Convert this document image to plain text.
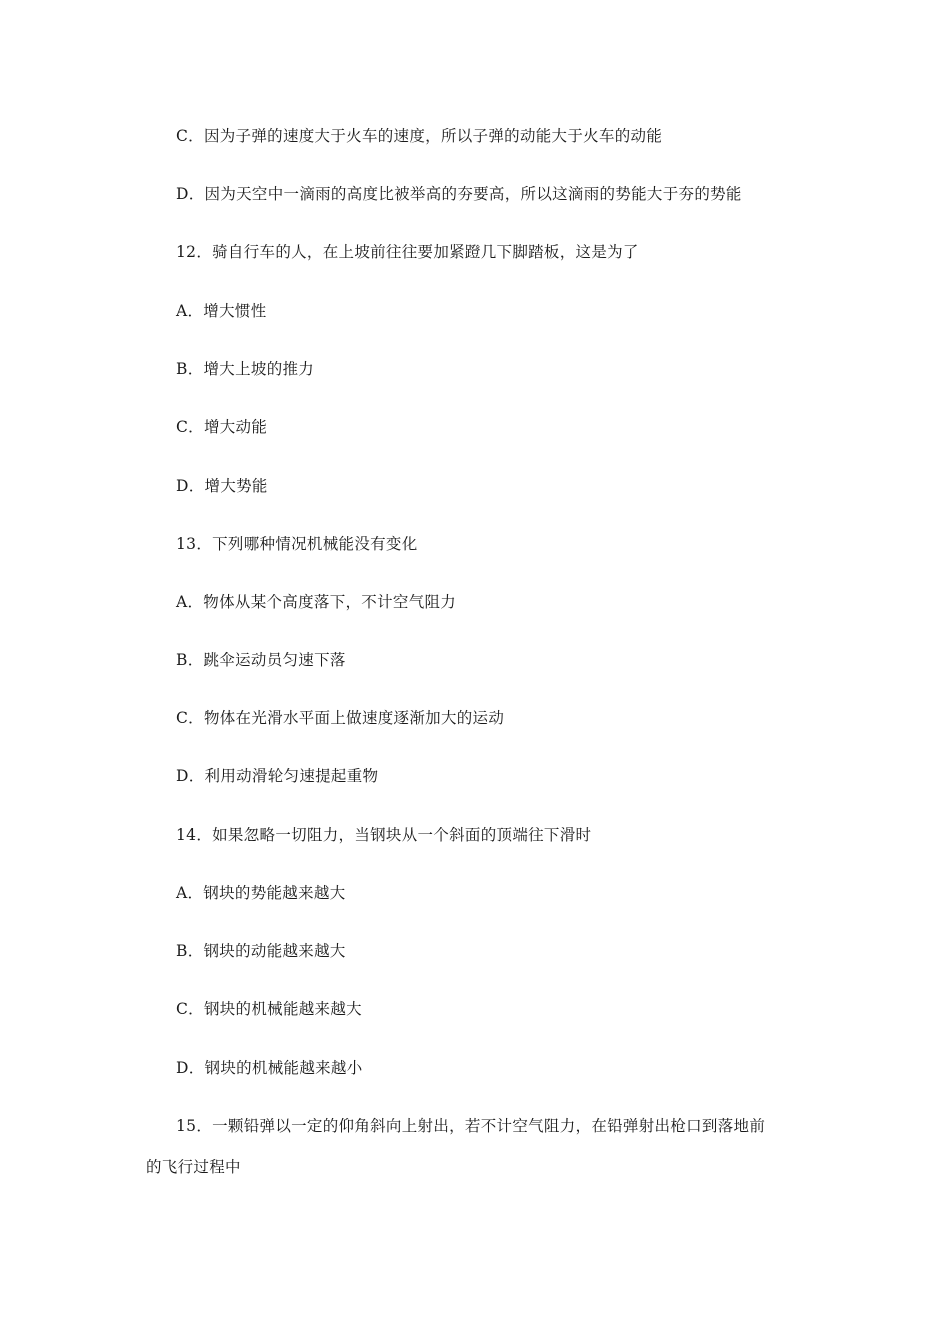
C．因为子弹的速度大于火车的速度，所以子弹的动能大于火车的动能
D．因为天空中一滴雨的高度比被举高的夯要高，所以这滴雨的势能大于夯的势能
12．骑自行车的人，在上坡前往往要加紧蹬几下脚踏板，这是为了
A．增大惯性
B．增大上坡的推力
C．增大动能
D．增大势能
13．下列哪种情况机械能没有变化
A．物体从某个高度落下，不计空气阻力
B．跳伞运动员匀速下落
C．物体在光滑水平面上做速度逐渐加大的运动
D．利用动滑轮匀速提起重物
14．如果忽略一切阻力，当钢块从一个斜面的顶端往下滑时
A．钢块的势能越来越大
B．钢块的动能越来越大
C．钢块的机械能越来越大
D．钢块的机械能越来越小
15．一颗铅弹以一定的仰角斜向上射出，若不计空气阻力，在铅弹射出枪口到落地前
的飞行过程中
